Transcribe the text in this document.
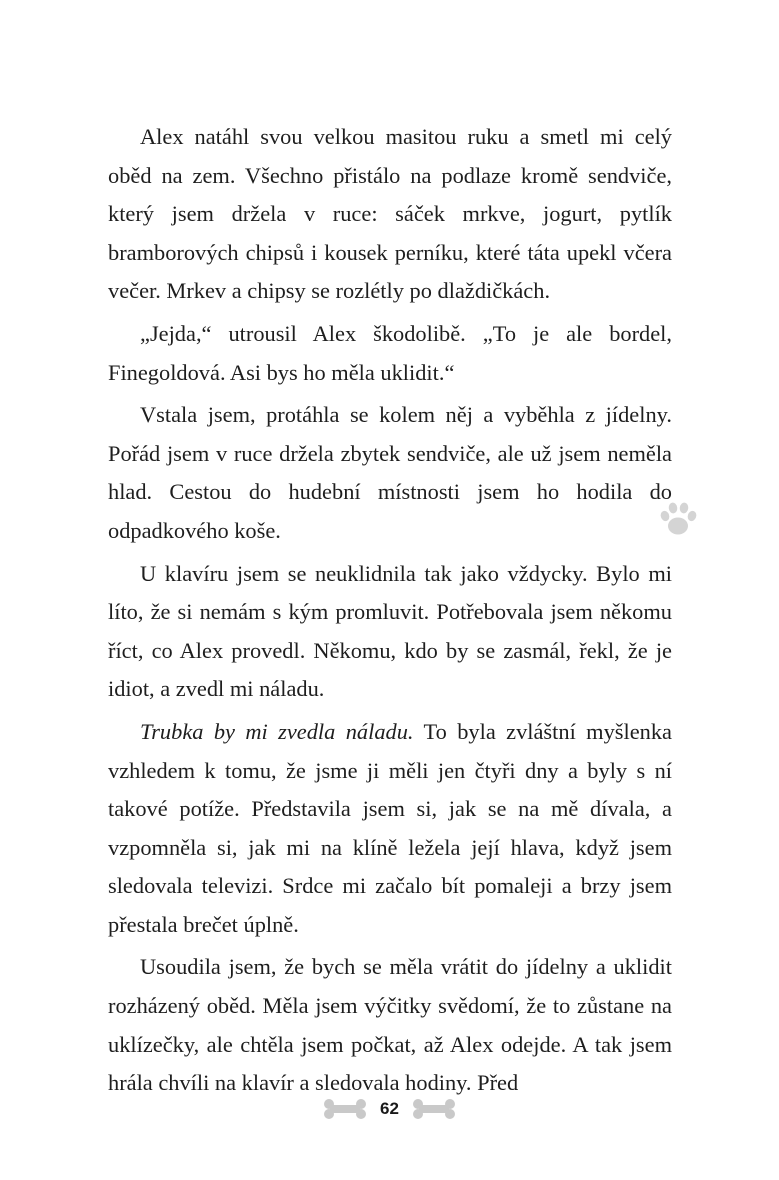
Alex natáhl svou velkou masitou ruku a smetl mi celý oběd na zem. Všechno přistálo na podlaze kromě sendviče, který jsem držela v ruce: sáček mrkve, jogurt, pytlík bramborových chipsů i kousek perníku, které táta upekl včera večer. Mrkev a chipsy se rozlétly po dlaždičkách.

„Jejda,“ utrousil Alex škodolibě. „To je ale bordel, Finegoldová. Asi bys ho měla uklidit.“

Vstala jsem, protáhla se kolem něj a vyběhla z jídelny. Pořád jsem v ruce držela zbytek sendviče, ale už jsem neměla hlad. Cestou do hudební místnosti jsem ho hodila do odpadkového koše.

U klavíru jsem se neuklidnila tak jako vždycky. Bylo mi líto, že si nemám s kým promluvit. Potřebovala jsem někomu říct, co Alex provedl. Někomu, kdo by se zasmál, řekl, že je idiot, a zvedl mi náladu.

Trubka by mi zvedla náladu. To byla zvláštní myšlenka vzhledem k tomu, že jsme ji měli jen čtyři dny a byly s ní takové potíže. Představila jsem si, jak se na mě dívala, a vzpomněla si, jak mi na klíně ležela její hlava, když jsem sledovala televizi. Srdce mi začalo bít pomaleji a brzy jsem přestala brečet úplně.

Usoudila jsem, že bych se měla vrátit do jídelny a uklidit rozházený oběd. Měla jsem výčitky svědomí, že to zůstane na uklízečky, ale chtěla jsem počkat, až Alex odejde. A tak jsem hrála chvíli na klavír a sledovala hodiny. Před

62
